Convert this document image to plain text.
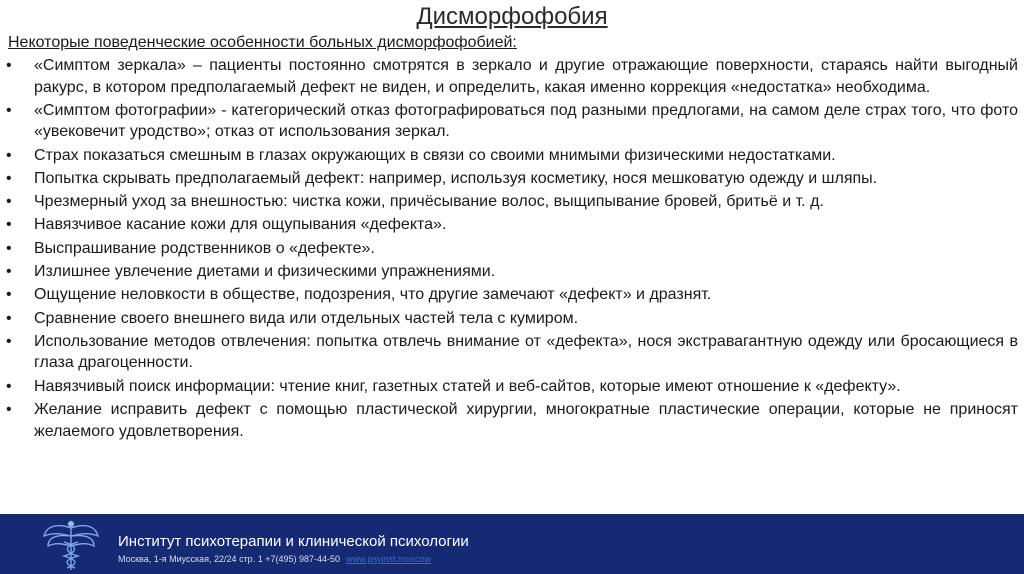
Дисморфофобия
Некоторые поведенческие особенности больных дисморфофобией:
•	«Симптом зеркала» – пациенты постоянно смотрятся в зеркало и другие отражающие поверхности, стараясь найти выгодный ракурс, в котором предполагаемый дефект не виден, и определить, какая именно коррекция «недостатка» необходима.
•	«Симптом фотографии» - категорический отказ фотографироваться под разными предлогами, на самом деле страх того, что фото «увековечит уродство»; отказ от использования зеркал.
•	Страх показаться смешным в глазах окружающих в связи со своими мнимыми физическими недостатками.
•	Попытка скрывать предполагаемый дефект: например, используя косметику, нося мешковатую одежду и шляпы.
•	Чрезмерный уход за внешностью: чистка кожи, причёсывание волос, выщипывание бровей, бритьё и т. д.
•	Навязчивое касание кожи для ощупывания «дефекта».
•	Выспрашивание родственников о «дефекте».
•	Излишнее увлечение диетами и физическими упражнениями.
•	Ощущение неловкости в обществе, подозрения, что другие замечают «дефект» и дразнят.
•	Сравнение своего внешнего вида или отдельных частей тела с кумиром.
•	Использование методов отвлечения: попытка отвлечь внимание от «дефекта», нося экстравагантную одежду или бросающиеся в глаза драгоценности.
•	Навязчивый поиск информации: чтение книг, газетных статей и веб-сайтов, которые имеют отношение к «дефекту».
•	Желание исправить дефект с помощью пластической хирургии, многократные пластические операции, которые не приносят желаемого удовлетворения.
Институт психотерапии и клинической психологии
Москва, 1-я Миусская, 22/24 стр. 1 +7(495) 987-44-50 www.psyinst.moscow
